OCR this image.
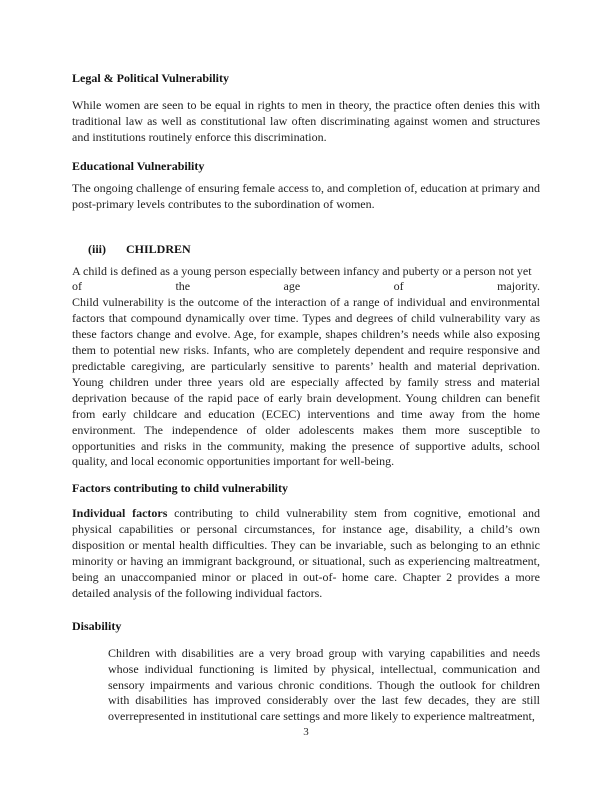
Legal & Political Vulnerability

While women are seen to be equal in rights to men in theory, the practice often denies this with traditional law as well as constitutional law often discriminating against women and structures and institutions routinely enforce this discrimination.

Educational Vulnerability

The ongoing challenge of ensuring female access to, and completion of, education at primary and post-primary levels contributes to the subordination of women.

(iii) CHILDREN
A child is defined as a young person especially between infancy and puberty or a person not yet
of	the	age	of	majority.
Child vulnerability is the outcome of the interaction of a range of individual and environmental factors that compound dynamically over time. Types and degrees of child vulnerability vary as these factors change and evolve. Age, for example, shapes children’s needs while also exposing them to potential new risks. Infants, who are completely dependent and require responsive and predictable caregiving, are particularly sensitive to parents’ health and material deprivation. Young children under three years old are especially affected by family stress and material deprivation because of the rapid pace of early brain development. Young children can benefit from early childcare and education (ECEC) interventions and time away from the home environment. The independence of older adolescents makes them more susceptible to opportunities and risks in the community, making the presence of supportive adults, school quality, and local economic opportunities important for well-being.
Factors contributing to child vulnerability

Individual factors contributing to child vulnerability stem from cognitive, emotional and physical capabilities or personal circumstances, for instance age, disability, a child’s own disposition or mental health difficulties. They can be invariable, such as belonging to an ethnic minority or having an immigrant background, or situational, such as experiencing maltreatment, being an unaccompanied minor or placed in out-of- home care. Chapter 2 provides a more detailed analysis of the following individual factors.

Disability

Children with disabilities are a very broad group with varying capabilities and needs whose individual functioning is limited by physical, intellectual, communication and sensory impairments and various chronic conditions. Though the outlook for children with disabilities has improved considerably over the last few decades, they are still overrepresented in institutional care settings and more likely to experience maltreatment,

3
